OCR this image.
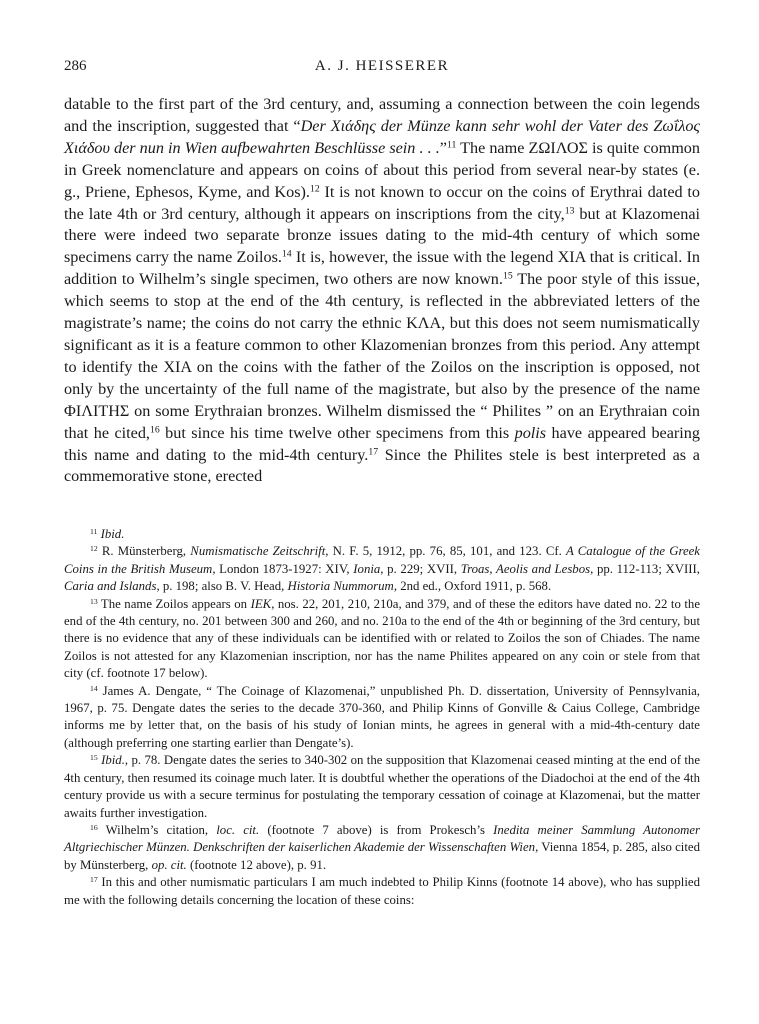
286	A. J. HEISSERER
datable to the first part of the 3rd century, and, assuming a connection between the coin legends and the inscription, suggested that “Der Χιάδης der Münze kann sehr wohl der Vater des Ζωΐλος Χιάδου der nun in Wien aufbewahrten Beschlüsse sein . . .”$^{11}$ The name ΖΩΙΛΟΣ is quite common in Greek nomenclature and appears on coins of about this period from several near-by states (e. g., Priene, Ephesos, Kyme, and Kos).$^{12}$ It is not known to occur on the coins of Erythrai dated to the late 4th or 3rd century, although it appears on inscriptions from the city,$^{13}$ but at Klazomenai there were indeed two separate bronze issues dating to the mid-4th century of which some specimens carry the name Zoilos.$^{14}$ It is, however, the issue with the legend ΧΙΑ that is critical. In addition to Wilhelm’s single specimen, two others are now known.$^{15}$ The poor style of this issue, which seems to stop at the end of the 4th century, is reflected in the abbreviated letters of the magistrate’s name; the coins do not carry the ethnic ΚΛΑ, but this does not seem numismatically significant as it is a feature common to other Klazomenian bronzes from this period. Any attempt to identify the ΧΙΑ on the coins with the father of the Zoilos on the inscription is opposed, not only by the uncertainty of the full name of the magistrate, but also by the presence of the name ΦΙΛΙΤΗΣ on some Erythraian bronzes. Wilhelm dismissed the “ Philites ” on an Erythraian coin that he cited,$^{16}$ but since his time twelve other specimens from this polis have appeared bearing this name and dating to the mid-4th century.$^{17}$ Since the Philites stele is best interpreted as a commemorative stone, erected

$^{11}$ Ibid.

$^{12}$ R. Münsterberg, Numismatische Zeitschrift, N. F. 5, 1912, pp. 76, 85, 101, and 123. Cf. A Catalogue of the Greek Coins in the British Museum, London 1873-1927: XIV, Ionia, p. 229; XVII, Troas, Aeolis and Lesbos, pp. 112-113; XVIII, Caria and Islands, p. 198; also B. V. Head, Historia Nummorum, 2nd ed., Oxford 1911, p. 568.

$^{13}$ The name Zoilos appears on IEK, nos. 22, 201, 210, 210a, and 379, and of these the editors have dated no. 22 to the end of the 4th century, no. 201 between 300 and 260, and no. 210a to the end of the 4th or beginning of the 3rd century, but there is no evidence that any of these individuals can be identified with or related to Zoilos the son of Chiades. The name Zoilos is not attested for any Klazomenian inscription, nor has the name Philites appeared on any coin or stele from that city (cf. footnote 17 below).

$^{14}$ James A. Dengate, “ The Coinage of Klazomenai,” unpublished Ph. D. dissertation, University of Pennsylvania, 1967, p. 75. Dengate dates the series to the decade 370-360, and Philip Kinns of Gonville & Caius College, Cambridge informs me by letter that, on the basis of his study of Ionian mints, he agrees in general with a mid-4th-century date (although preferring one starting earlier than Dengate’s).

$^{15}$ Ibid., p. 78. Dengate dates the series to 340-302 on the supposition that Klazomenai ceased minting at the end of the 4th century, then resumed its coinage much later. It is doubtful whether the operations of the Diadochoi at the end of the 4th century provide us with a secure terminus for postulating the temporary cessation of coinage at Klazomenai, but the matter awaits further investigation.

$^{16}$ Wilhelm’s citation, loc. cit. (footnote 7 above) is from Prokesch’s Inedita meiner Sammlung Autonomer Altgriechischer Münzen. Denkschriften der kaiserlichen Akademie der Wissenschaften Wien, Vienna 1854, p. 285, also cited by Münsterberg, op. cit. (footnote 12 above), p. 91.

$^{17}$ In this and other numismatic particulars I am much indebted to Philip Kinns (footnote 14 above), who has supplied me with the following details concerning the location of these coins:
